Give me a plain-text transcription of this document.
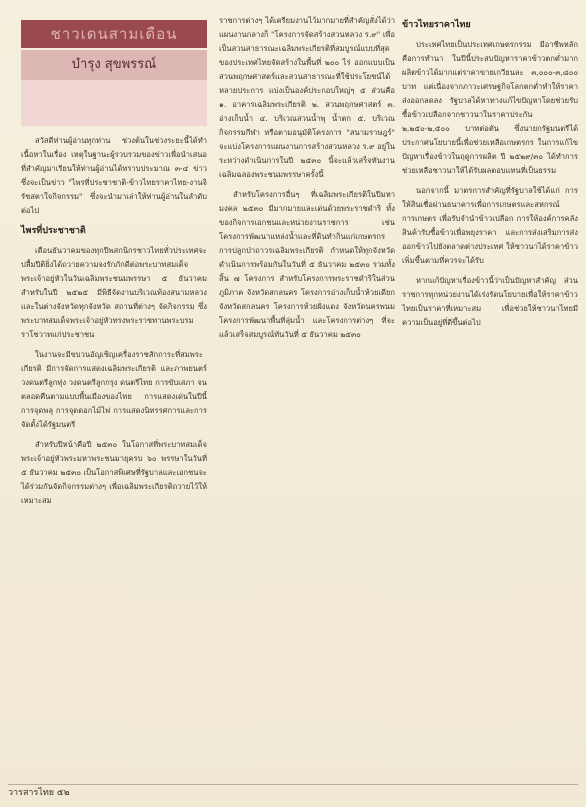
ชาวเดนสามเดือน
บำรุง สุขพรรณ์

สวัสดีท่านผู้อ่านทุกท่าน ช่วงต้นในช่วงระยะนี้ได้ทำเนื้อหาในเรื่อง เหตุในฐานะผู้รวบรวมของข่าวเพื่อนำเสนอที่สำคัญมาเรียนให้ท่านผู้อ่านได้ทราบประมาณ ๓-๔ ข่าว ซึ่งจะเป็นข่าว "ไพรที่ประชาชาติ-ข้าวไทยราคาไทย-งานจิรัชสตาใจกิจกรรม" ซึ่งจะนำมาเล่าให้ท่านผู้อ่านในลำดับต่อไป

ไพรที่ประชาชาติ

เดือนธันวาคมของทุกปีพสกนิกรชาวไทยทั่วประเทศจะปลื้มปีติยิ่งได้ถวายความจงรักภักดีต่อพระบาทสมเด็จพระเจ้าอยู่หัวในวันเฉลิมพระชนมพรรษา ๕ ธันวาคม สำหรับในปี ๒๕๒๕ มีพิธีจัดงานบริเวณท้องสนามหลวงและในต่างจังหวัดทุกจังหวัด สถานที่ต่างๆ จัดกิจกรรม ซึ่งพระบาทสมเด็จพระเจ้าอยู่หัวทรงพระราชทานพระบรมราโชวาทแก่ประชาชน

ในงานจะมีขบวนอัญเชิญเครื่องราชสักการะที่สมพระเกียรติ มีการจัดการแสดงเฉลิมพระเกียรติ และภาพยนตร์ วงดนตรีลูกทุ่ง วงดนตรีลูกกรุง ดนตรีไทย การขับเสภา จนตลอดคืนตามแบบพื้นเมืองของไทย การแสดงเด่นในปีนี้ การจุดพลุ การจุดดอกไม้ไฟ การแสดงนิทรรศการและการจัดตั้งได้รัฐมนตรี

สำหรับปีหน้าคือปี ๒๕๓๐ ในโอกาสที่พระบาทสมเด็จพระเจ้าอยู่หัวพระมหาพระชนมายุครบ ๖๐ พรรษาในวันที่ ๕ ธันวาคม ๒๕๓๐ เป็นโอกาสพิเศษที่รัฐบาลและเอกชนจะได้ร่วมกันจัดกิจกรรมต่างๆ เพื่อเฉลิมพระเกียรติถวายไว้ให้เหมาะสม

ราชการต่างๆ ได้เตรียมงานไว้มากมายที่สำคัญสั่งได้ว่าแผนงานกลางก็ "โครงการจัดสร้างสวนหลวง ร.๙" เพื่อเป็นสวนสาธารณะเฉลิมพระเกียรติที่สมบูรณ์แบบที่สุดของประเทศไทยจัดสร้างในพื้นที่ ๒๐๐ ไร่ ออกแบบเป็นสวนพฤกษศาสตร์และสวนสาธารณะที่ใช้ประโยชน์ได้หลายประการ แบ่งเป็นองค์ประกอบใหญ่ๆ ๕ ส่วนคือ ๑. อาคารเฉลิมพระเกียรติ ๒. สวนพฤกษศาสตร์ ๓. อ่างเก็บน้ำ ๔. บริเวณสวนน้ำพุ น้ำตก ๕. บริเวณกิจกรรมกีฬา หรือตามอนุมัติโครงการ "สนามราษฎร์" จะแบ่งโครงการแผนงานการสร้างสวนหลวง ร.๙ อยู่ในระหว่างดำเนินการในปี ๒๕๓๐ นี้จะแล้วเสร็จทันงานเฉลิมฉลองพระชนมพรรษาครั้งนี้

สำหรับโครงการอื่นๆ ที่เฉลิมพระเกียรติในปีมหามงคล ๒๕๓๐ มีมากมายและเด่นด้วยพระราชดำริ ทั้งของกิจการเอกชนและหน่วยงานราชการ เช่น โครงการพัฒนาแหล่งน้ำและที่ดินทำกินแก่เกษตรกร การปลูกป่าถาวรเฉลิมพระเกียรติ กำหนดให้ทุกจังหวัดดำเนินการพร้อมกันในวันที่ ๕ ธันวาคม ๒๕๓๐ รวมทั้งสิ้น ๗ โครงการ สำหรับโครงการพระราชดำริในส่วนภูมิภาค จังหวัดสกลนคร โครงการอ่างเก็บน้ำห้วยเดียก จังหวัดสกลนคร โครงการห้วยฝั่งแดง จังหวัดนครพนม โครงการพัฒนาพื้นที่ลุ่มน้ำ และโครงการต่างๆ ที่จะแล้วเสร็จสมบูรณ์ทันวันที่ ๕ ธันวาคม ๒๕๓๐

ข้าวไทยราคาไทย

ประเทศไทยเป็นประเทศเกษตรกรรม มีอาชีพหลักคือการทำนา ในปีนี้ประสบปัญหาราคาข้าวตกต่ำมาก ผลิตข้าวได้มากแต่ราคาขายเกวียนละ ๓,๐๐๐-๓,๘๐๐ บาท แต่เนื่องจากภาวะเศรษฐกิจโลกตกต่ำทำให้ราคาส่งออกลดลง รัฐบาลได้หาทางแก้ไขปัญหาโดยช่วยรับซื้อข้าวเปลือกจากชาวนาในราคาประกัน ๒,๒๕๐-๒,๕๐๐ บาทต่อตัน ซึ่งนายกรัฐมนตรีได้ประกาศนโยบายนี้เพื่อช่วยเหลือเกษตรกร ในการแก้ไขปัญหาเรื่องข้าวในฤดูการผลิต ปี ๒๕๒๙/๓๐ ได้ทำการช่วยเหลือชาวนาให้ได้รับผลตอบแทนที่เป็นธรรม

นอกจากนี้ มาตรการสำคัญที่รัฐบาลใช้ได้แก่ การให้สินเชื่อผ่านธนาคารเพื่อการเกษตรและสหกรณ์การเกษตร เพื่อรับจำนำข้าวเปลือก การให้องค์การคลังสินค้ารับซื้อข้าวเพื่อพยุงราคา และการส่งเสริมการส่งออกข้าวไปยังตลาดต่างประเทศ ให้ชาวนาได้ราคาข้าวเพิ่มขึ้นตามที่ควรจะได้รับ

หากแก้ปัญหาเรื่องข้าวนี้ว่าเป็นปัญหาสำคัญ ส่วนราชการทุกหน่วยงานได้เร่งรัดนโยบายเพื่อให้ราคาข้าวไทยเป็นราคาที่เหมาะสม เพื่อช่วยให้ชาวนาไทยมีความเป็นอยู่ที่ดีขึ้นต่อไป

วารสารไทย ๕๒
